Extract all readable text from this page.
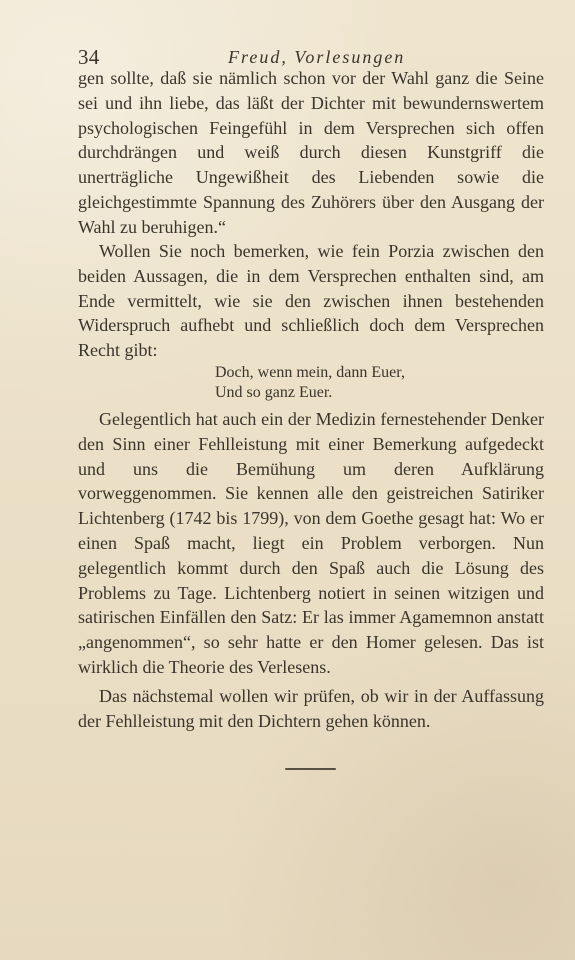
34	Freud, Vorlesungen
gen sollte, daß sie nämlich schon vor der Wahl ganz die Seine sei und ihn liebe, das läßt der Dichter mit bewundernswertem psychologischen Feingefühl in dem Versprechen sich offen durchdrängen und weiß durch diesen Kunstgriff die unerträgliche Ungewißheit des Liebenden sowie die gleichgestimmte Spannung des Zuhörers über den Ausgang der Wahl zu beruhigen.“
Wollen Sie noch bemerken, wie fein Porzia zwischen den beiden Aussagen, die in dem Versprechen enthalten sind, am Ende vermittelt, wie sie den zwischen ihnen bestehenden Widerspruch aufhebt und schließlich doch dem Versprechen Recht gibt:
Doch, wenn mein, dann Euer,
Und so ganz Euer.
Gelegentlich hat auch ein der Medizin fernestehender Denker den Sinn einer Fehlleistung mit einer Bemerkung aufgedeckt und uns die Bemühung um deren Aufklärung vorweggenommen. Sie kennen alle den geistreichen Satiriker Lichtenberg (1742 bis 1799), von dem Goethe gesagt hat: Wo er einen Spaß macht, liegt ein Problem verborgen. Nun gelegentlich kommt durch den Spaß auch die Lösung des Problems zu Tage. Lichtenberg notiert in seinen witzigen und satirischen Einfällen den Satz: Er las immer Agamemnon anstatt „angenommen“, so sehr hatte er den Homer gelesen. Das ist wirklich die Theorie des Verlesens.
Das nächstemal wollen wir prüfen, ob wir in der Auffassung der Fehlleistung mit den Dichtern gehen können.
